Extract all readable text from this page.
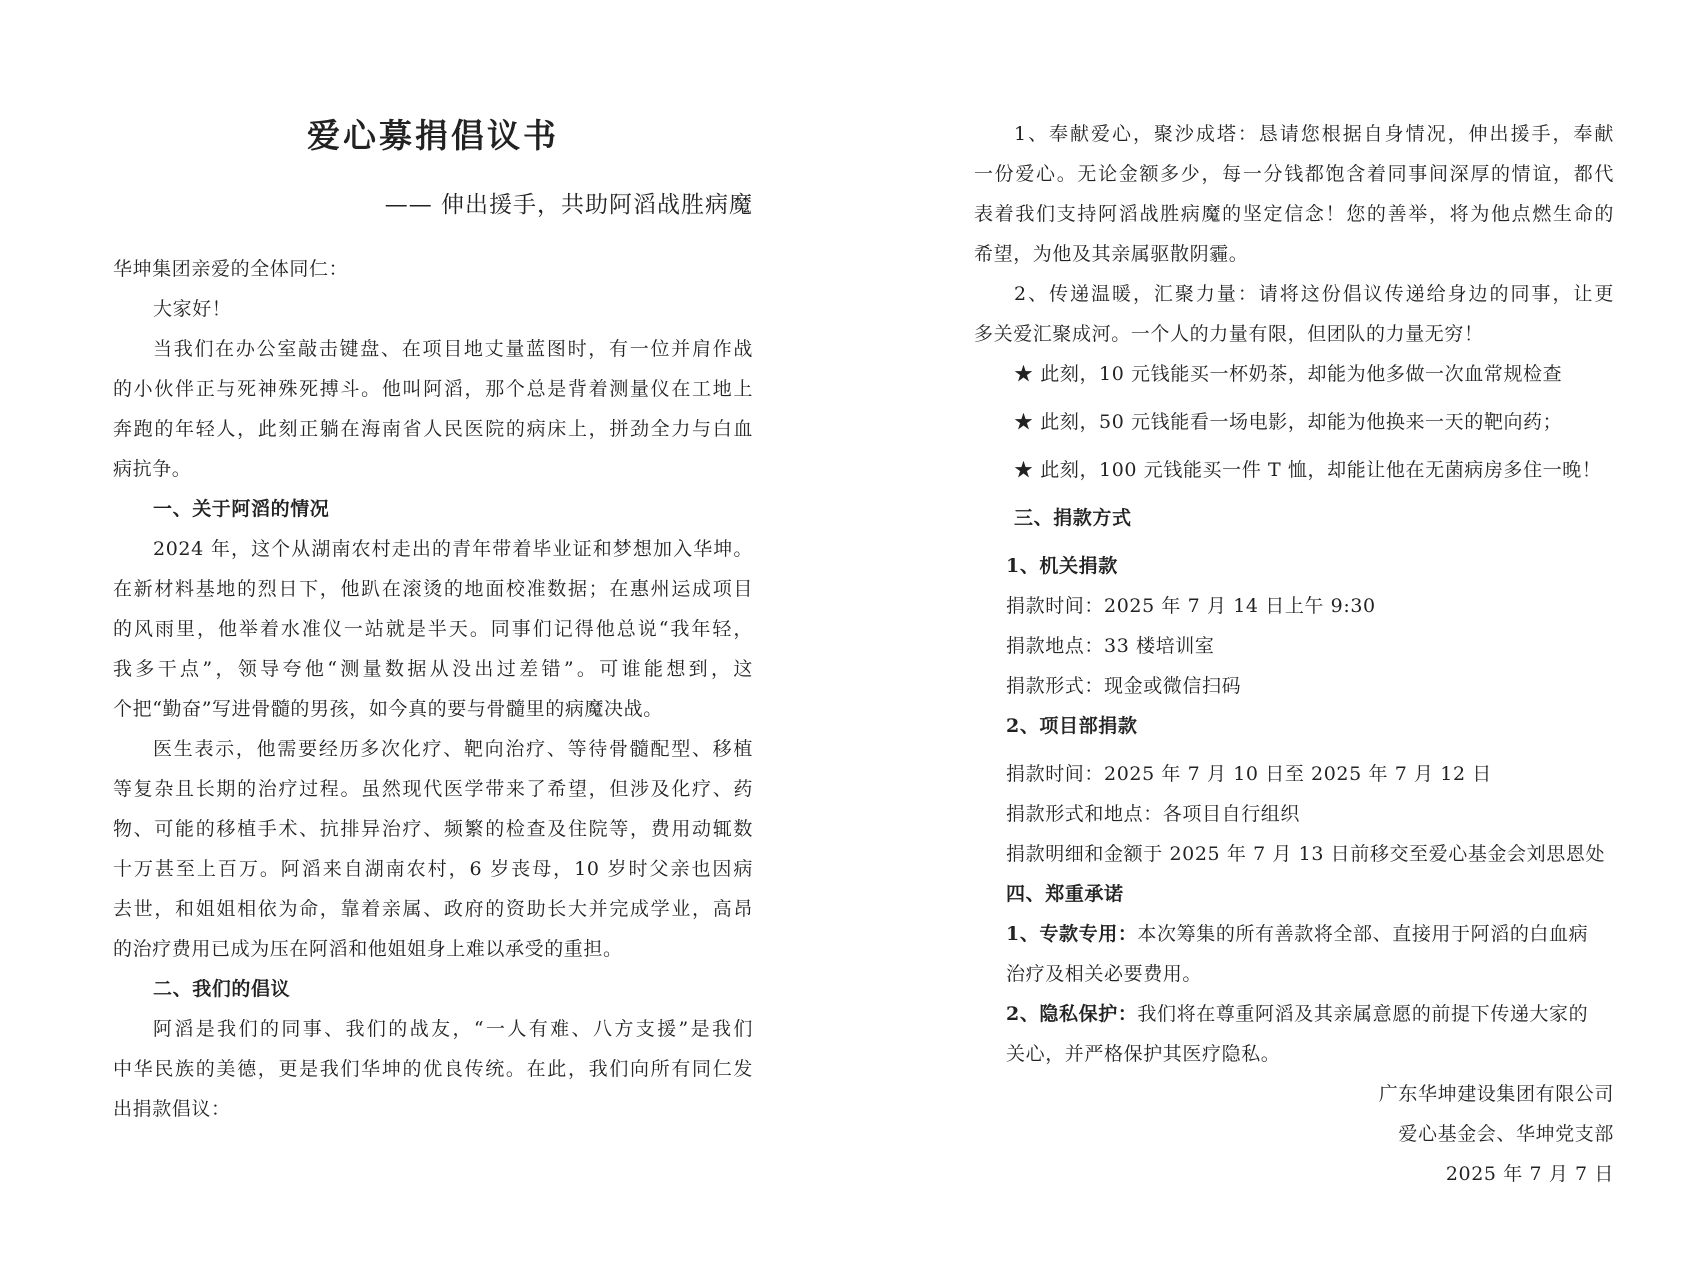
爱心募捐倡议书
—— 伸出援手，共助阿滔战胜病魔
华坤集团亲爱的全体同仁：
大家好！
当我们在办公室敲击键盘、在项目地丈量蓝图时，有一位并肩作战
的小伙伴正与死神殊死搏斗。他叫阿滔，那个总是背着测量仪在工地上
奔跑的年轻人，此刻正躺在海南省人民医院的病床上，拼劲全力与白血
病抗争。
一、关于阿滔的情况
2024 年，这个从湖南农村走出的青年带着毕业证和梦想加入华坤。
在新材料基地的烈日下，他趴在滚烫的地面校准数据；在惠州运成项目
的风雨里，他举着水准仪一站就是半天。同事们记得他总说“我年轻，
我多干点”，领导夸他“测量数据从没出过差错”。可谁能想到，这
个把“勤奋”写进骨髓的男孩，如今真的要与骨髓里的病魔决战。
医生表示，他需要经历多次化疗、靶向治疗、等待骨髓配型、移植
等复杂且长期的治疗过程。虽然现代医学带来了希望，但涉及化疗、药
物、可能的移植手术、抗排异治疗、频繁的检查及住院等，费用动辄数
十万甚至上百万。阿滔来自湖南农村，6 岁丧母，10 岁时父亲也因病
去世，和姐姐相依为命，靠着亲属、政府的资助长大并完成学业，高昂
的治疗费用已成为压在阿滔和他姐姐身上难以承受的重担。
二、我们的倡议
阿滔是我们的同事、我们的战友，“一人有难、八方支援”是我们
中华民族的美德，更是我们华坤的优良传统。在此，我们向所有同仁发
出捐款倡议：
1、奉献爱心，聚沙成塔：恳请您根据自身情况，伸出援手，奉献
一份爱心。无论金额多少，每一分钱都饱含着同事间深厚的情谊，都代
表着我们支持阿滔战胜病魔的坚定信念！您的善举，将为他点燃生命的
希望，为他及其亲属驱散阴霾。
2、传递温暖，汇聚力量：请将这份倡议传递给身边的同事，让更
多关爱汇聚成河。一个人的力量有限，但团队的力量无穷！
★ 此刻，10 元钱能买一杯奶茶，却能为他多做一次血常规检查
★ 此刻，50 元钱能看一场电影，却能为他换来一天的靶向药；
★ 此刻，100 元钱能买一件 T 恤，却能让他在无菌病房多住一晚！
三、捐款方式
1、机关捐款
捐款时间：2025 年 7 月 14 日上午 9:30
捐款地点：33 楼培训室
捐款形式：现金或微信扫码
2、项目部捐款
捐款时间：2025 年 7 月 10 日至 2025 年 7 月 12 日
捐款形式和地点：各项目自行组织
捐款明细和金额于 2025 年 7 月 13 日前移交至爱心基金会刘思恩处
四、郑重承诺
1、专款专用：本次筹集的所有善款将全部、直接用于阿滔的白血病
治疗及相关必要费用。
2、隐私保护：我们将在尊重阿滔及其亲属意愿的前提下传递大家的
关心，并严格保护其医疗隐私。
广东华坤建设集团有限公司
爱心基金会、华坤党支部
2025 年 7 月 7 日
